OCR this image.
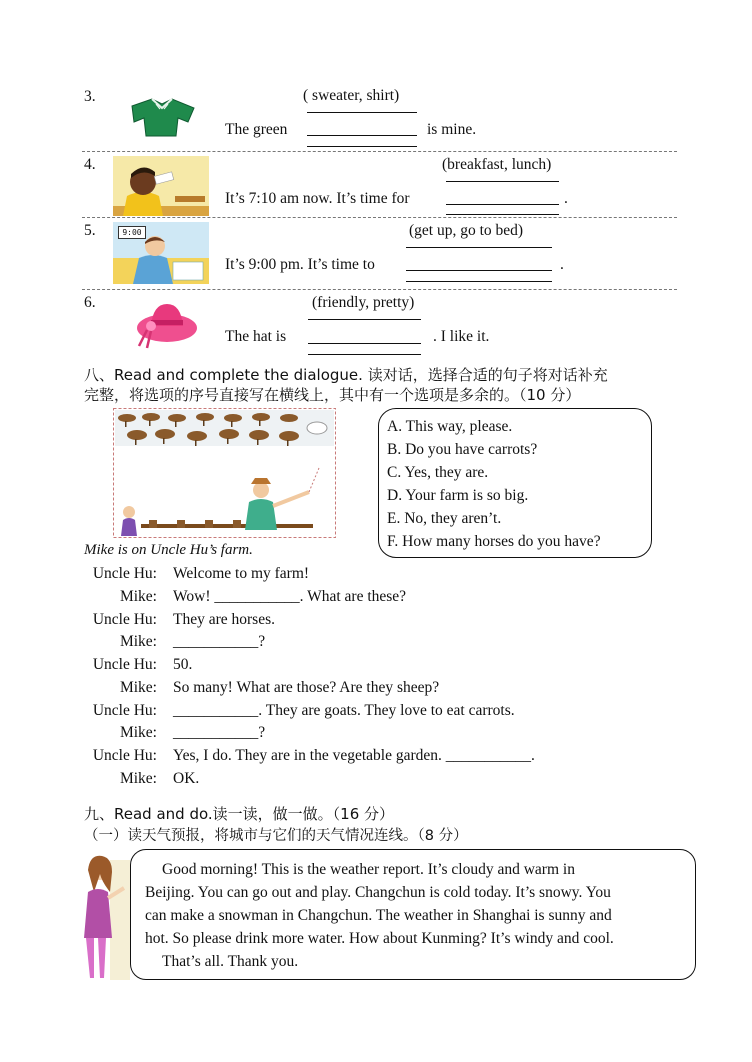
3.	( sweater, shirt)
The green	is mine.
4.	(breakfast, lunch)
It’s 7:10 am now. It’s time for	.
5.	9:00	(get up, go to bed)
It’s 9:00 pm. It’s time to	.
6.	(friendly, pretty)
The hat is	. I like it.
八、Read and complete the dialogue. 读对话，选择合适的句子将对话补充
完整，将选项的序号直接写在横线上，其中有一个选项是多余的。（10 分）
Mike is on Uncle Hu’s farm.
A. This way, please.
B. Do you have carrots?
C. Yes, they are.
D. Your farm is so big.
E. No, they aren’t.
F. How many horses do you have?
Uncle Hu: Welcome to my farm!
Mike: Wow! ___________. What are these?
Uncle Hu: They are horses.
Mike: ___________?
Uncle Hu: 50.
Mike: So many! What are those? Are they sheep?
Uncle Hu: ___________. They are goats. They love to eat carrots.
Mike: ___________?
Uncle Hu: Yes, I do. They are in the vegetable garden. ___________.
Mike: OK.
九、Read and do.读一读，做一做。（16 分）
（一）读天气预报，将城市与它们的天气情况连线。（8 分）
Good morning! This is the weather report. It’s cloudy and warm in
Beijing. You can go out and play. Changchun is cold today. It’s snowy. You
can make a snowman in Changchun. The weather in Shanghai is sunny and
hot. So please drink more water. How about Kunming? It’s windy and cool.
That’s all. Thank you.
